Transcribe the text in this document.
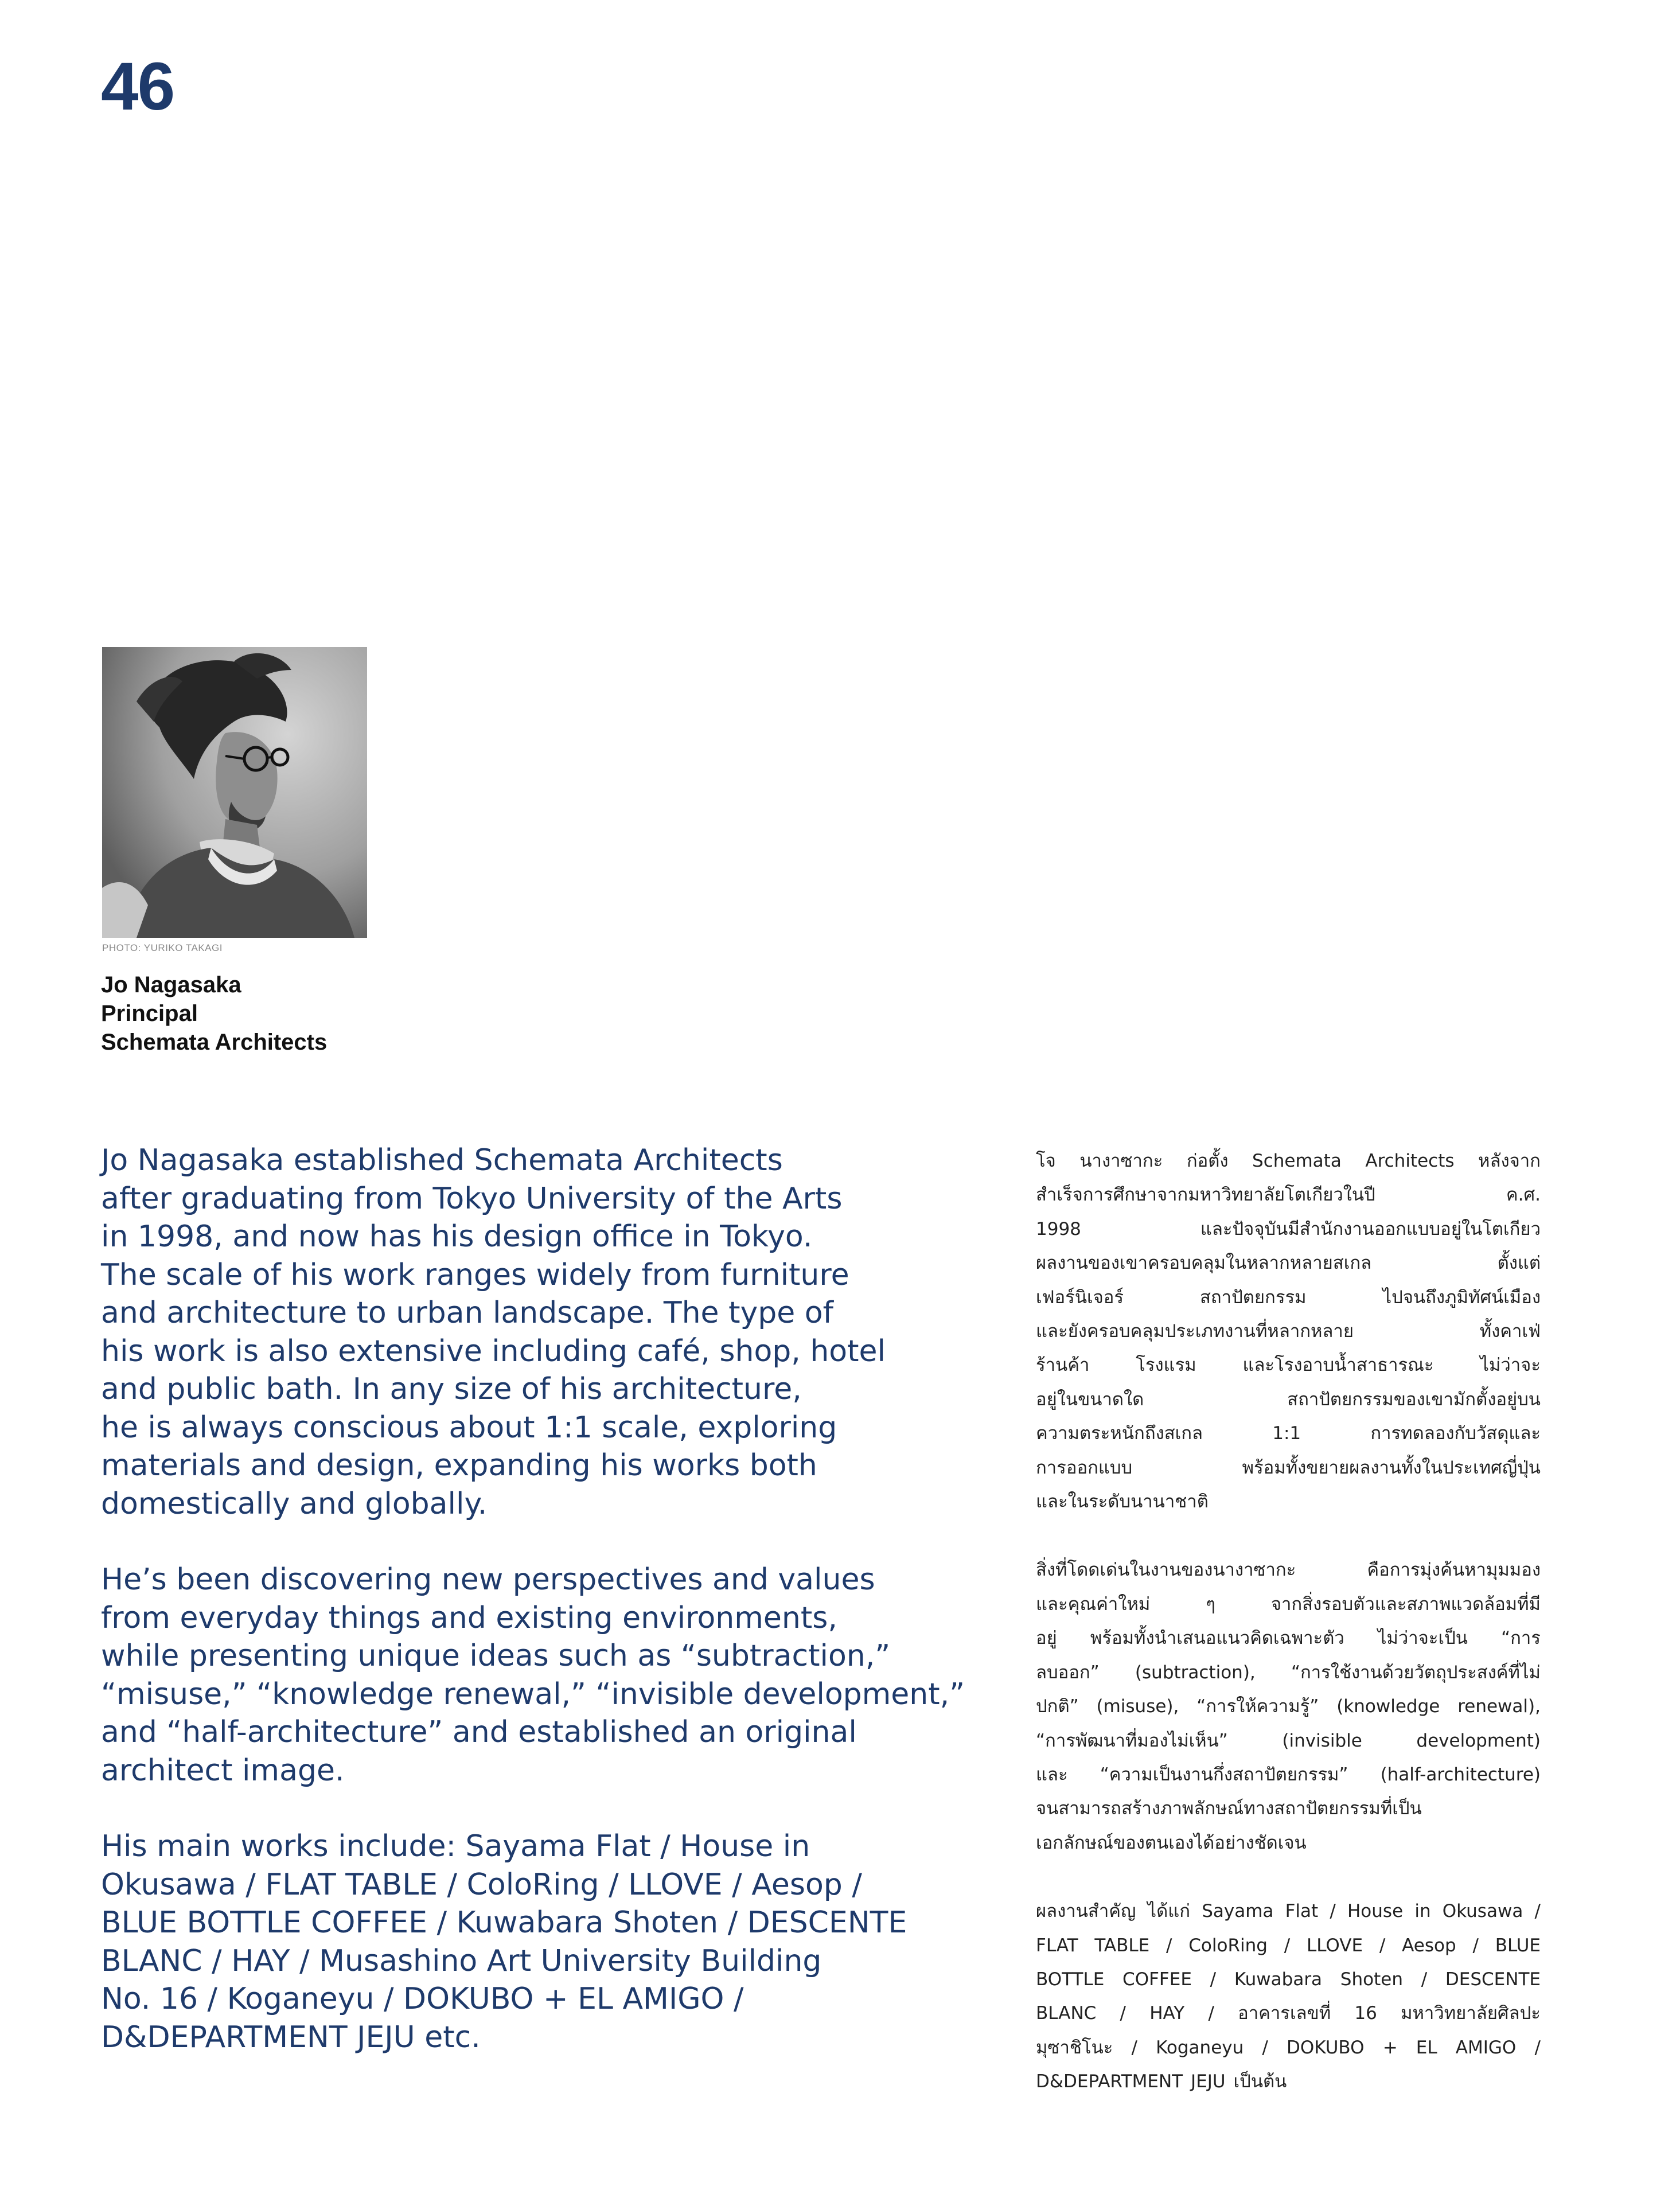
46
PHOTO: YURIKO TAKAGI
Jo Nagasaka
Principal
Schemata Architects

Jo Nagasaka established Schemata Architects
after graduating from Tokyo University of the Arts
in 1998, and now has his design office in Tokyo.
The scale of his work ranges widely from furniture
and architecture to urban landscape. The type of
his work is also extensive including café, shop, hotel
and public bath. In any size of his architecture,
he is always conscious about 1:1 scale, exploring
materials and design, expanding his works both
domestically and globally.

He’s been discovering new perspectives and values
from everyday things and existing environments,
while presenting unique ideas such as “subtraction,”
“misuse,” “knowledge renewal,” “invisible development,”
and “half-architecture” and established an original
architect image.

His main works include: Sayama Flat / House in
Okusawa / FLAT TABLE / ColoRing / LLOVE / Aesop /
BLUE BOTTLE COFFEE / Kuwabara Shoten / DESCENTE
BLANC / HAY / Musashino Art University Building
No. 16 / Koganeyu / DOKUBO + EL AMIGO /
D&DEPARTMENT JEJU etc.

โจ นางาซากะ ก่อตั้ง Schemata Architects หลังจาก
สำเร็จการศึกษาจากมหาวิทยาลัยโตเกียวในปี	ค.ศ.
1998	และปัจจุบันมีสำนักงานออกแบบอยู่ในโตเกียว
ผลงานของเขาครอบคลุมในหลากหลายสเกล	ตั้งแต่
เฟอร์นิเจอร์	สถาปัตยกรรม	ไปจนถึงภูมิทัศน์เมือง
และยังครอบคลุมประเภทงานที่หลากหลาย	ทั้งคาเฟ่
ร้านค้า	โรงแรม	และโรงอาบน้ำสาธารณะ	ไม่ว่าจะ
อยู่ในขนาดใด	สถาปัตยกรรมของเขามักตั้งอยู่บน
ความตระหนักถึงสเกล	1:1	การทดลองกับวัสดุและ
การออกแบบ	พร้อมทั้งขยายผลงานทั้งในประเทศญี่ปุ่น
และในระดับนานาชาติ

สิ่งที่โดดเด่นในงานของนางาซากะ	คือการมุ่งค้นหามุมมอง
และคุณค่าใหม่	ๆ	จากสิ่งรอบตัวและสภาพแวดล้อมที่มี
อยู่ พร้อมทั้งนำเสนอแนวคิดเฉพาะตัว ไม่ว่าจะเป็น “การ
ลบออก” (subtraction), “การใช้งานด้วยวัตถุประสงค์ที่ไม่
ปกติ” (misuse), “การให้ความรู้” (knowledge renewal),
“การพัฒนาที่มองไม่เห็น”	(invisible	development)
และ “ความเป็นงานกึ่งสถาปัตยกรรม” (half-architecture)
จนสามารถสร้างภาพลักษณ์ทางสถาปัตยกรรมที่เป็น
เอกลักษณ์ของตนเองได้อย่างชัดเจน

ผลงานสำคัญ ได้แก่ Sayama Flat / House in Okusawa /
FLAT TABLE / ColoRing / LLOVE / Aesop / BLUE
BOTTLE COFFEE / Kuwabara Shoten / DESCENTE
BLANC / HAY / อาคารเลขที่ 16 มหาวิทยาลัยศิลปะ
มุซาชิโนะ / Koganeyu / DOKUBO + EL AMIGO /
D&DEPARTMENT JEJU เป็นต้น
